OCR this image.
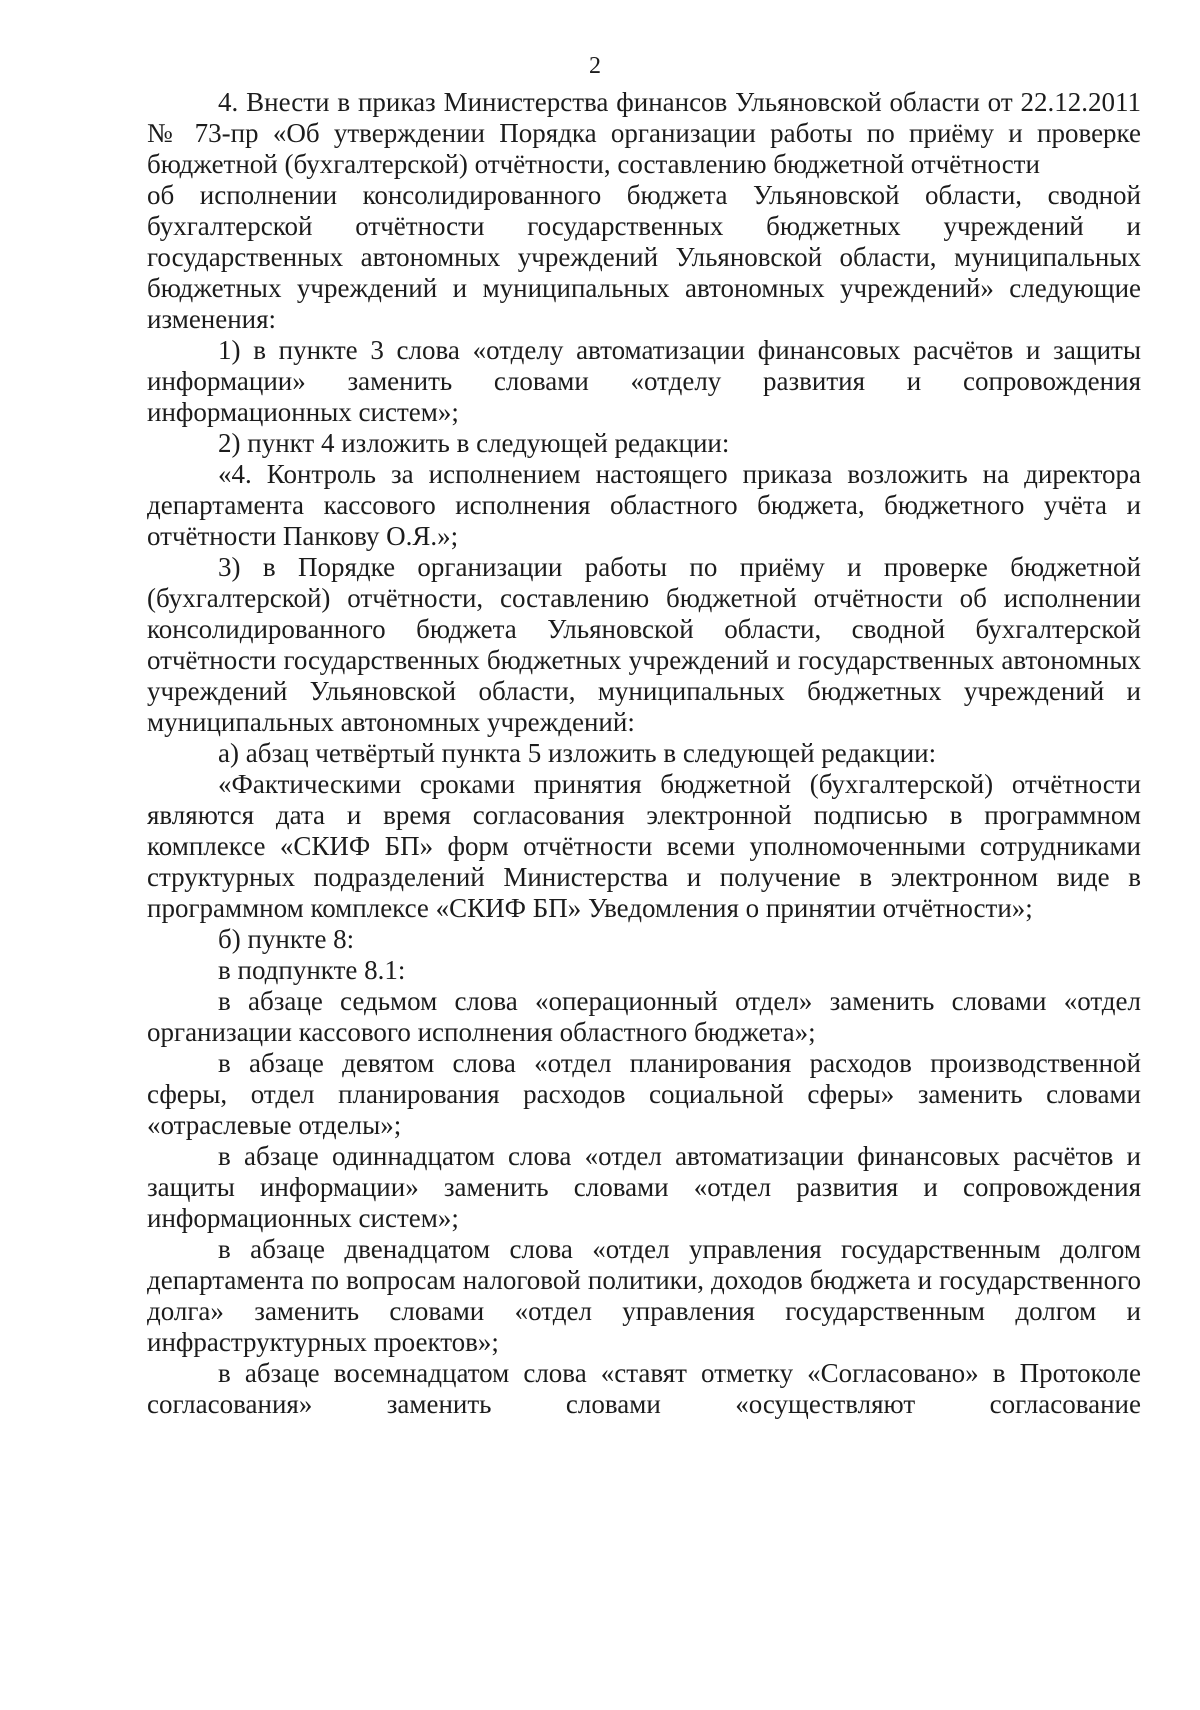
2

4. Внести в приказ Министерства финансов Ульяновской области от 22.12.2011 № 73-пр «Об утверждении Порядка организации работы по приёму и проверке бюджетной (бухгалтерской) отчётности, составлению бюджетной отчётности

об исполнении консолидированного бюджета Ульяновской области, сводной бухгалтерской отчётности государственных бюджетных учреждений и государственных автономных учреждений Ульяновской области, муниципальных бюджетных учреждений и муниципальных автономных учреждений» следующие изменения:

1) в пункте 3 слова «отделу автоматизации финансовых расчётов и защиты информации» заменить словами «отделу развития и сопровождения информационных систем»;

2) пункт 4 изложить в следующей редакции:

«4. Контроль за исполнением настоящего приказа возложить на директора департамента кассового исполнения областного бюджета, бюджетного учёта и отчётности Панкову О.Я.»;

3) в Порядке организации работы по приёму и проверке бюджетной (бухгалтерской) отчётности, составлению бюджетной отчётности об исполнении консолидированного бюджета Ульяновской области, сводной бухгалтерской отчётности государственных бюджетных учреждений и государственных автономных учреждений Ульяновской области, муниципальных бюджетных учреждений и муниципальных автономных учреждений:

а) абзац четвёртый пункта 5 изложить в следующей редакции:

«Фактическими сроками принятия бюджетной (бухгалтерской) отчётности являются дата и время согласования электронной подписью в программном комплексе «СКИФ БП» форм отчётности всеми уполномоченными сотрудниками структурных подразделений Министерства и получение в электронном виде в программном комплексе «СКИФ БП» Уведомления о принятии отчётности»;

б) пункте 8:

в подпункте 8.1:

в абзаце седьмом слова «операционный отдел» заменить словами «отдел организации кассового исполнения областного бюджета»;

в абзаце девятом слова «отдел планирования расходов производственной сферы, отдел планирования расходов социальной сферы» заменить словами «отраслевые отделы»;

в абзаце одиннадцатом слова «отдел автоматизации финансовых расчётов и защиты информации» заменить словами «отдел развития и сопровождения информационных систем»;

в абзаце двенадцатом слова «отдел управления государственным долгом департамента по вопросам налоговой политики, доходов бюджета и государственного долга» заменить словами «отдел управления государственным долгом и инфраструктурных проектов»;

в абзаце восемнадцатом слова «ставят отметку «Согласовано» в Протоколе согласования» заменить словами «осуществляют согласование
